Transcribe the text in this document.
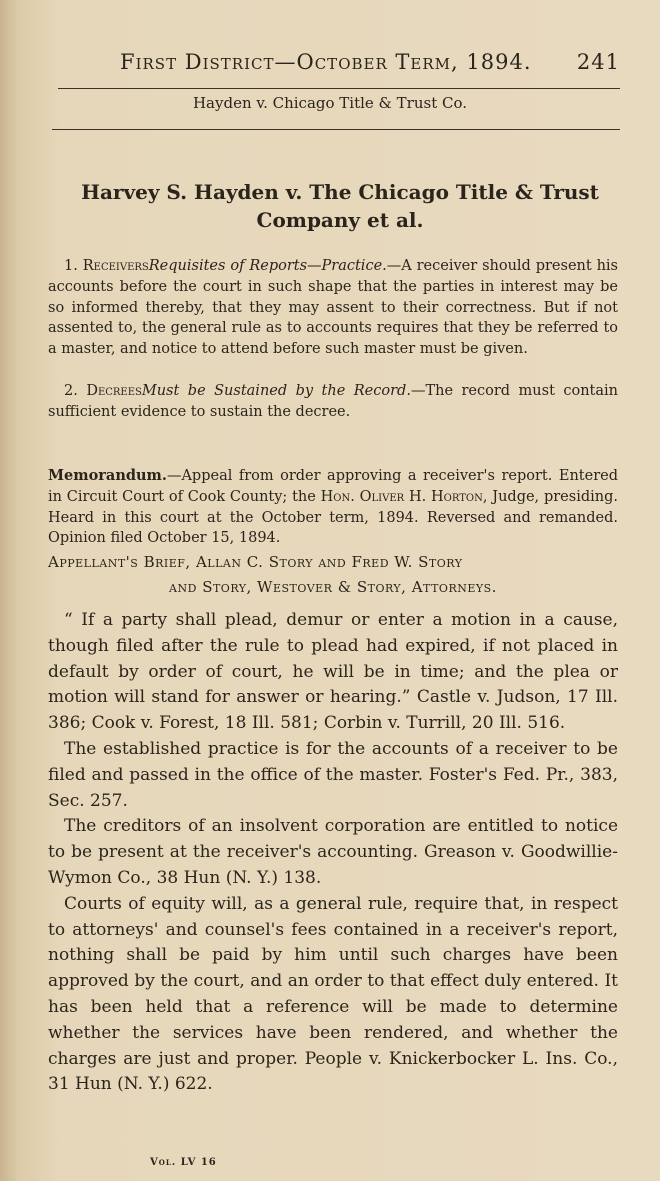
First District—October Term, 1894. 241
Hayden v. Chicago Title & Trust Co.
Harvey S. Hayden v. The Chicago Title & Trust
Company et al.
1. ReceiversRequisites of Reports—Practice.—A receiver should present his accounts before the court in such shape that the parties in interest may be so informed thereby, that they may assent to their correctness. But if not assented to, the general rule as to accounts requires that they be referred to a master, and notice to attend before such master must be given.
2. DecreesMust be Sustained by the Record.—The record must contain sufficient evidence to sustain the decree.
Memorandum.—Appeal from order approving a receiver's report. Entered in Circuit Court of Cook County; the Hon. Oliver H. Horton, Judge, presiding. Heard in this court at the October term, 1894. Reversed and remanded. Opinion filed October 15, 1894.
Appellant's Brief, Allan C. Story and Fred W. Story
and Story, Westover & Story, Attorneys.
“ If a party shall plead, demur or enter a motion in a cause, though filed after the rule to plead had expired, if not placed in default by order of court, he will be in time; and the plea or motion will stand for answer or hearing.” Castle v. Judson, 17 Ill. 386; Cook v. Forest, 18 Ill. 581; Corbin v. Turrill, 20 Ill. 516.
The established practice is for the accounts of a receiver to be filed and passed in the office of the master. Foster's Fed. Pr., 383, Sec. 257.
The creditors of an insolvent corporation are entitled to notice to be present at the receiver's accounting. Greason v. Goodwillie-Wymon Co., 38 Hun (N. Y.) 138.
Courts of equity will, as a general rule, require that, in respect to attorneys' and counsel's fees contained in a receiver's report, nothing shall be paid by him until such charges have been approved by the court, and an order to that effect duly entered. It has been held that a reference will be made to determine whether the services have been rendered, and whether the charges are just and proper. People v. Knickerbocker L. Ins. Co., 31 Hun (N. Y.) 622.
Vol. LV 16
